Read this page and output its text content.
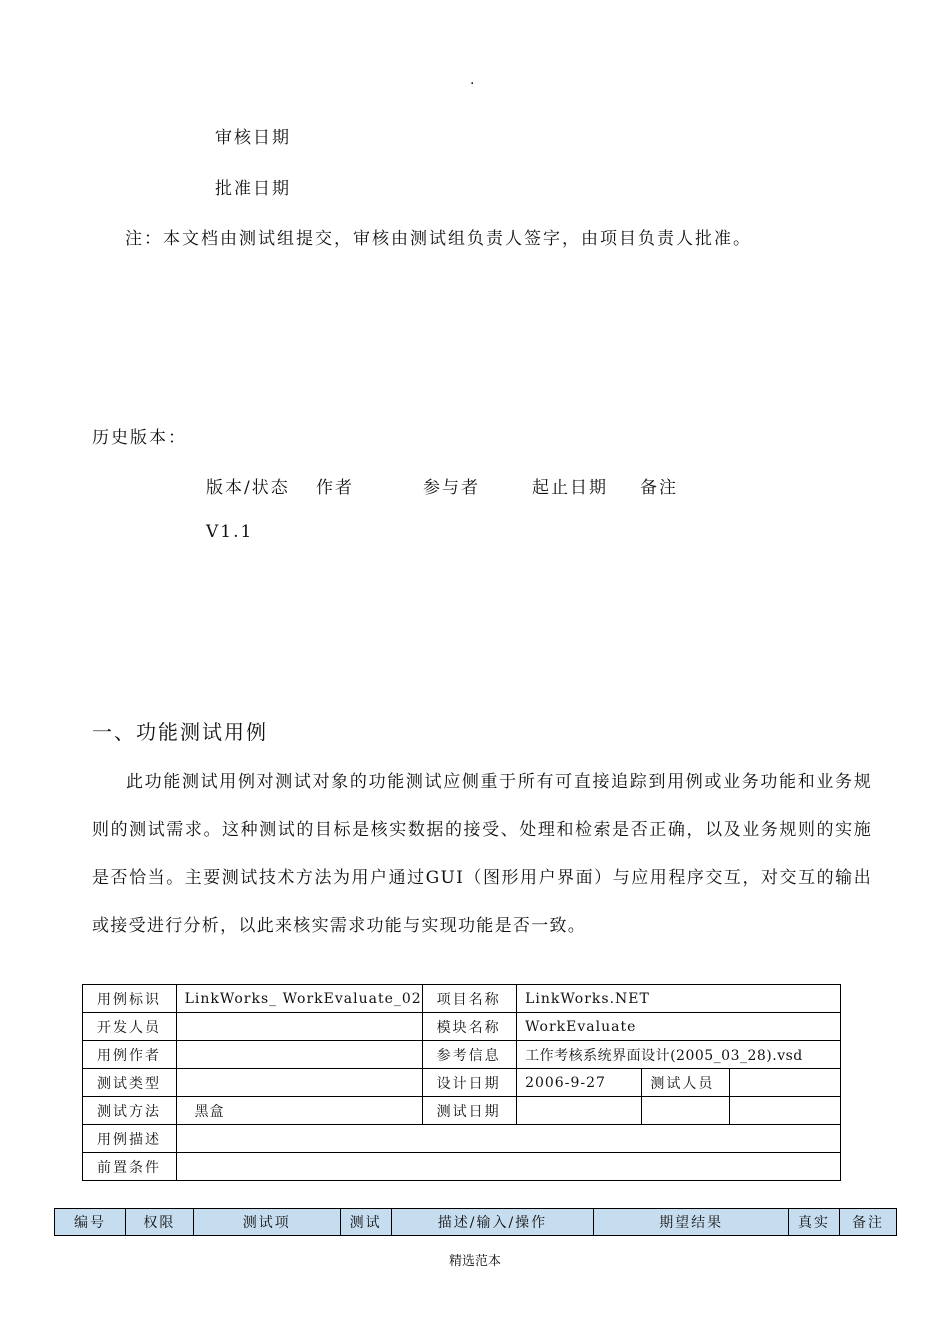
.
审核日期
批准日期
注：本文档由测试组提交，审核由测试组负责人签字，由项目负责人批准。
历史版本：
版本/状态 作者	参与者	起止日期 备注
V1.1
一、功能测试用例
此功能测试用例对测试对象的功能测试应侧重于所有可直接追踪到用例或业务功能和业务规则的测试需求。这种测试的目标是核实数据的接受、处理和检索是否正确，以及业务规则的实施是否恰当。主要测试技术方法为用户通过GUI（图形用户界面）与应用程序交互，对交互的输出或接受进行分析，以此来核实需求功能与实现功能是否一致。
用例标识	LinkWorks_ WorkEvaluate_02	项目名称	LinkWorks.NET		
开发人员		模块名称	WorkEvaluate		
用例作者		参考信息	工作考核系统界面设计(2005_03_28).vsd		
测试类型		设计日期	2006-9-27	测试人员	
测试方法	黑盒	测试日期			
用例描述					
前置条件					
编号	权限	测试项	测试	描述/输入/操作	期望结果	真实	备注
精选范本
